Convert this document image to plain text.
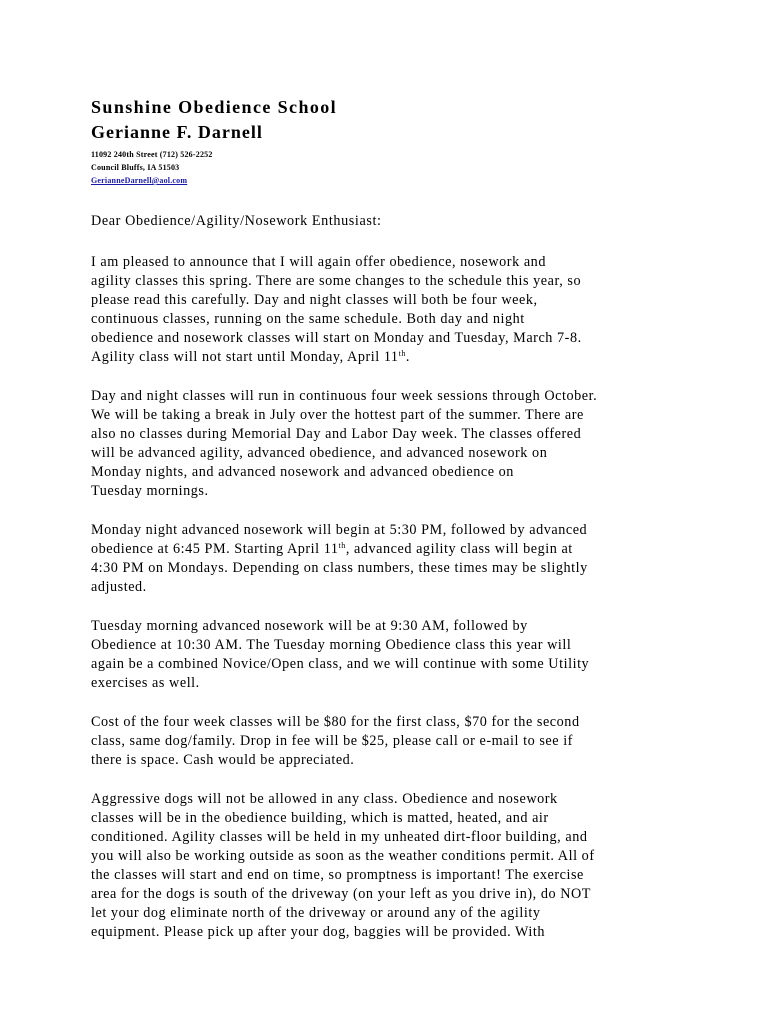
Sunshine Obedience School

Gerianne F. Darnell

11092 240th Street (712) 526-2252

Council Bluffs, IA 51503

GerianneDarnell@aol.com

Dear Obedience/Agility/Nosework Enthusiast:

I am pleased to announce that I will again offer obedience, nosework and
agility classes this spring. There are some changes to the schedule this year, so
please read this carefully. Day and night classes will both be four week,
continuous classes, running on the same schedule. Both day and night
obedience and nosework classes will start on Monday and Tuesday, March 7-8.
Agility class will not start until Monday, April 11th.

Day and night classes will run in continuous four week sessions through October.
We will be taking a break in July over the hottest part of the summer. There are
also no classes during Memorial Day and Labor Day week. The classes offered
will be advanced agility, advanced obedience, and advanced nosework on
Monday nights, and advanced nosework and advanced obedience on
Tuesday mornings.

Monday night advanced nosework will begin at 5:30 PM, followed by advanced
obedience at 6:45 PM. Starting April 11th, advanced agility class will begin at
4:30 PM on Mondays. Depending on class numbers, these times may be slightly
adjusted.

Tuesday morning advanced nosework will be at 9:30 AM, followed by
Obedience at 10:30 AM. The Tuesday morning Obedience class this year will
again be a combined Novice/Open class, and we will continue with some Utility
exercises as well.

Cost of the four week classes will be $80 for the first class, $70 for the second
class, same dog/family. Drop in fee will be $25, please call or e-mail to see if
there is space. Cash would be appreciated.

Aggressive dogs will not be allowed in any class. Obedience and nosework
classes will be in the obedience building, which is matted, heated, and air
conditioned. Agility classes will be held in my unheated dirt-floor building, and
you will also be working outside as soon as the weather conditions permit. All of
the classes will start and end on time, so promptness is important! The exercise
area for the dogs is south of the driveway (on your left as you drive in), do NOT
let your dog eliminate north of the driveway or around any of the agility
equipment. Please pick up after your dog, baggies will be provided. With
